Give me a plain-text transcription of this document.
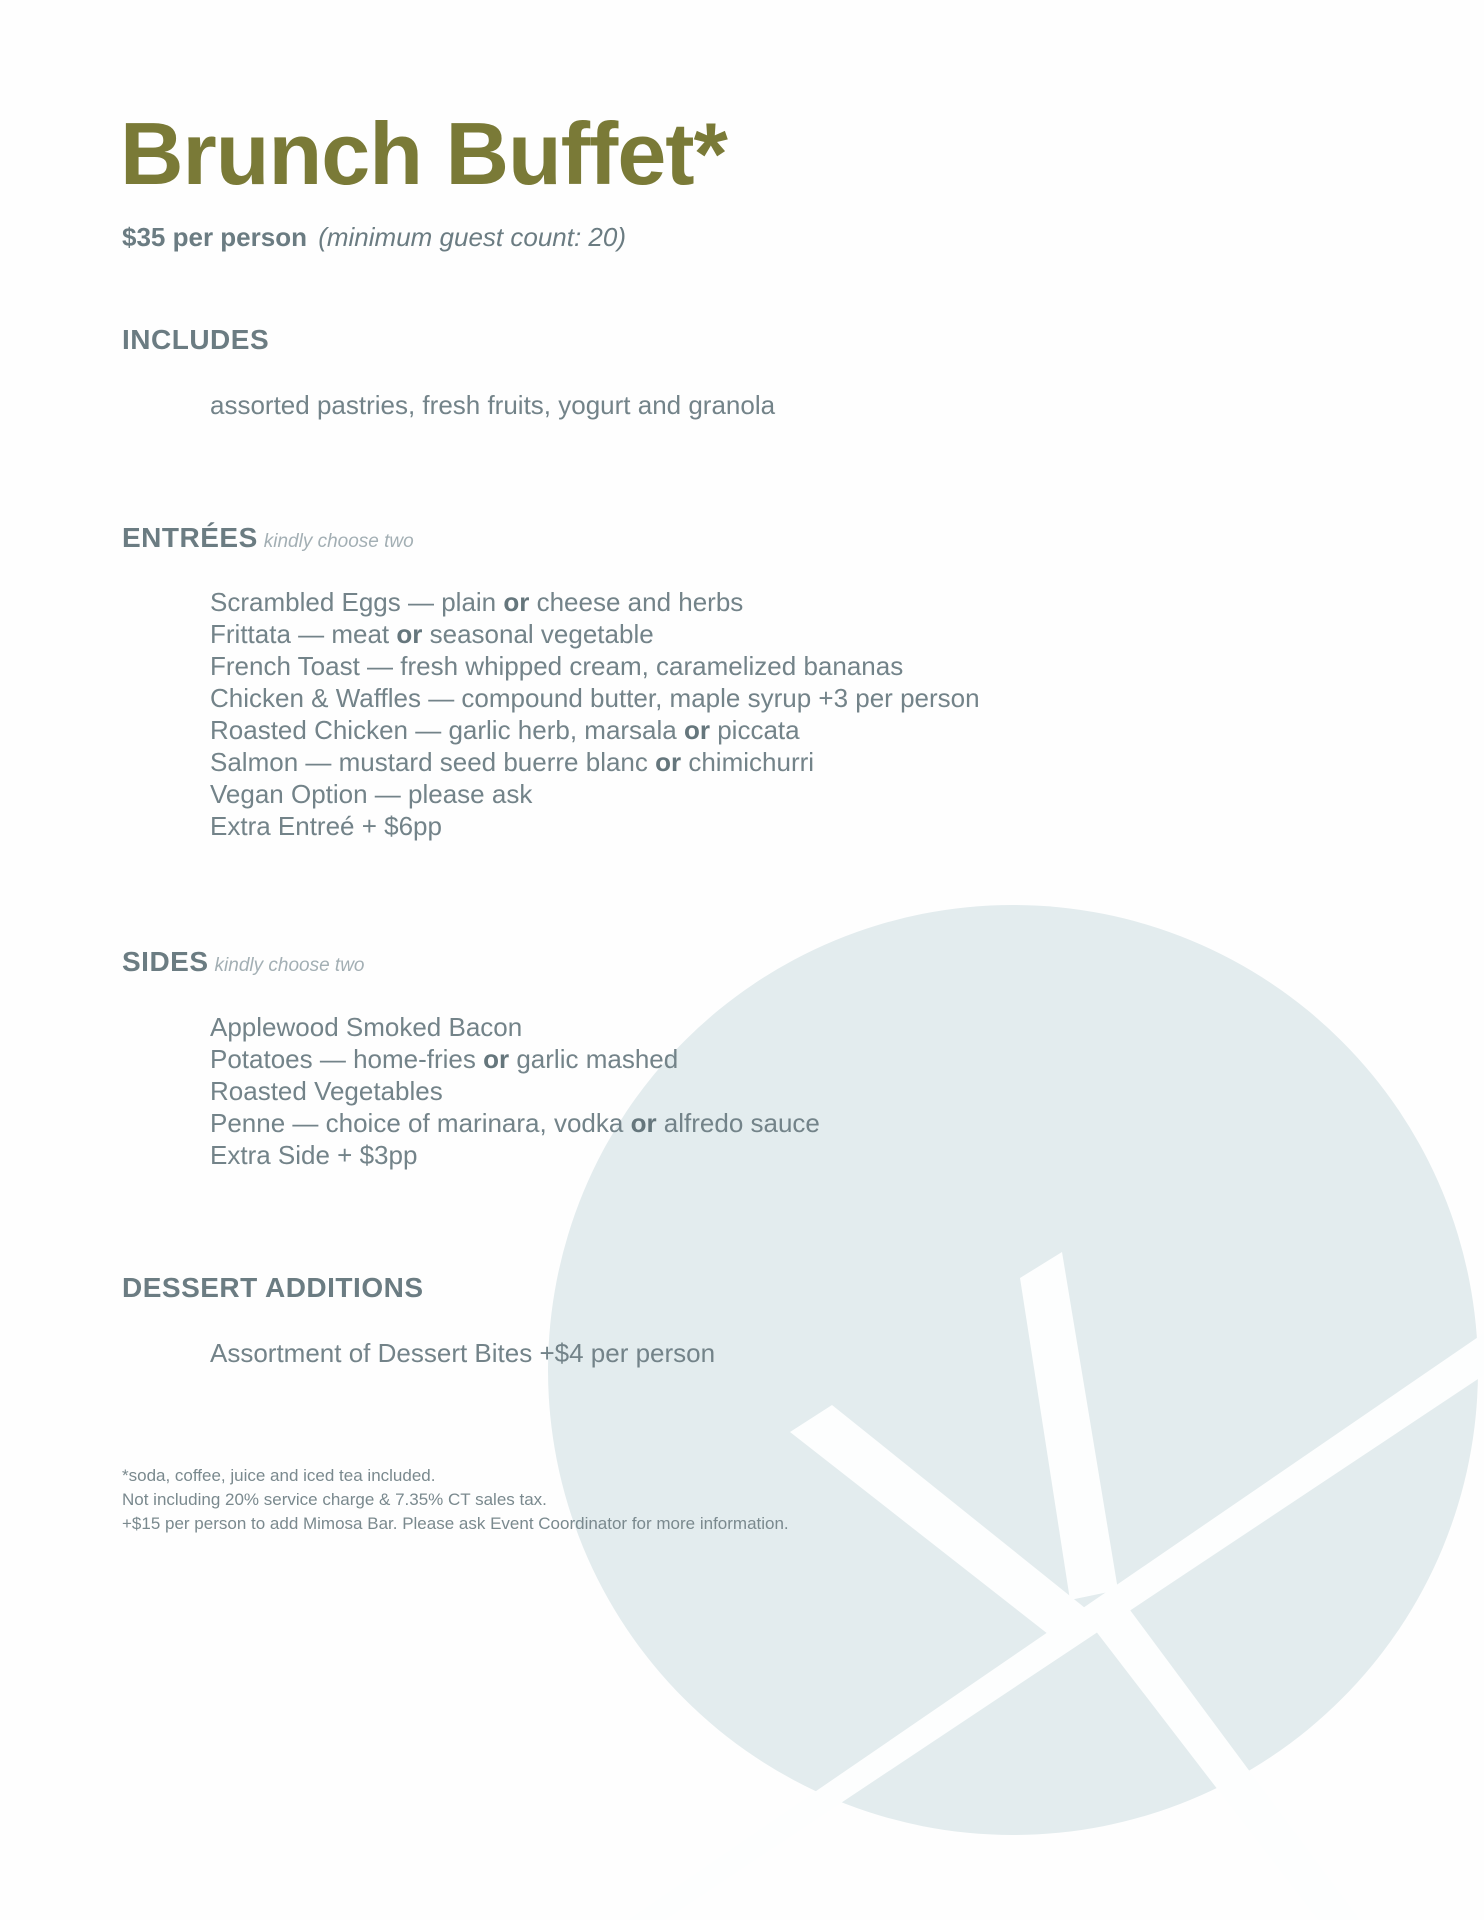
Brunch Buffet*
$35 per person (minimum guest count: 20)
INCLUDES
assorted pastries, fresh fruits, yogurt and granola
ENTRÉES kindly choose two
Scrambled Eggs — plain or cheese and herbs
Frittata — meat or seasonal vegetable
French Toast — fresh whipped cream, caramelized bananas
Chicken & Waffles — compound butter, maple syrup +3 per person
Roasted Chicken — garlic herb, marsala or piccata
Salmon — mustard seed buerre blanc or chimichurri
Vegan Option — please ask
Extra Entreé + $6pp
SIDES kindly choose two
Applewood Smoked Bacon
Potatoes — home-fries or garlic mashed
Roasted Vegetables
Penne — choice of marinara, vodka or alfredo sauce
Extra Side + $3pp
DESSERT ADDITIONS
Assortment of Dessert Bites +$4 per person
*soda, coffee, juice and iced tea included.
Not including 20% service charge & 7.35% CT sales tax.
+$15 per person to add Mimosa Bar. Please ask Event Coordinator for more information.
